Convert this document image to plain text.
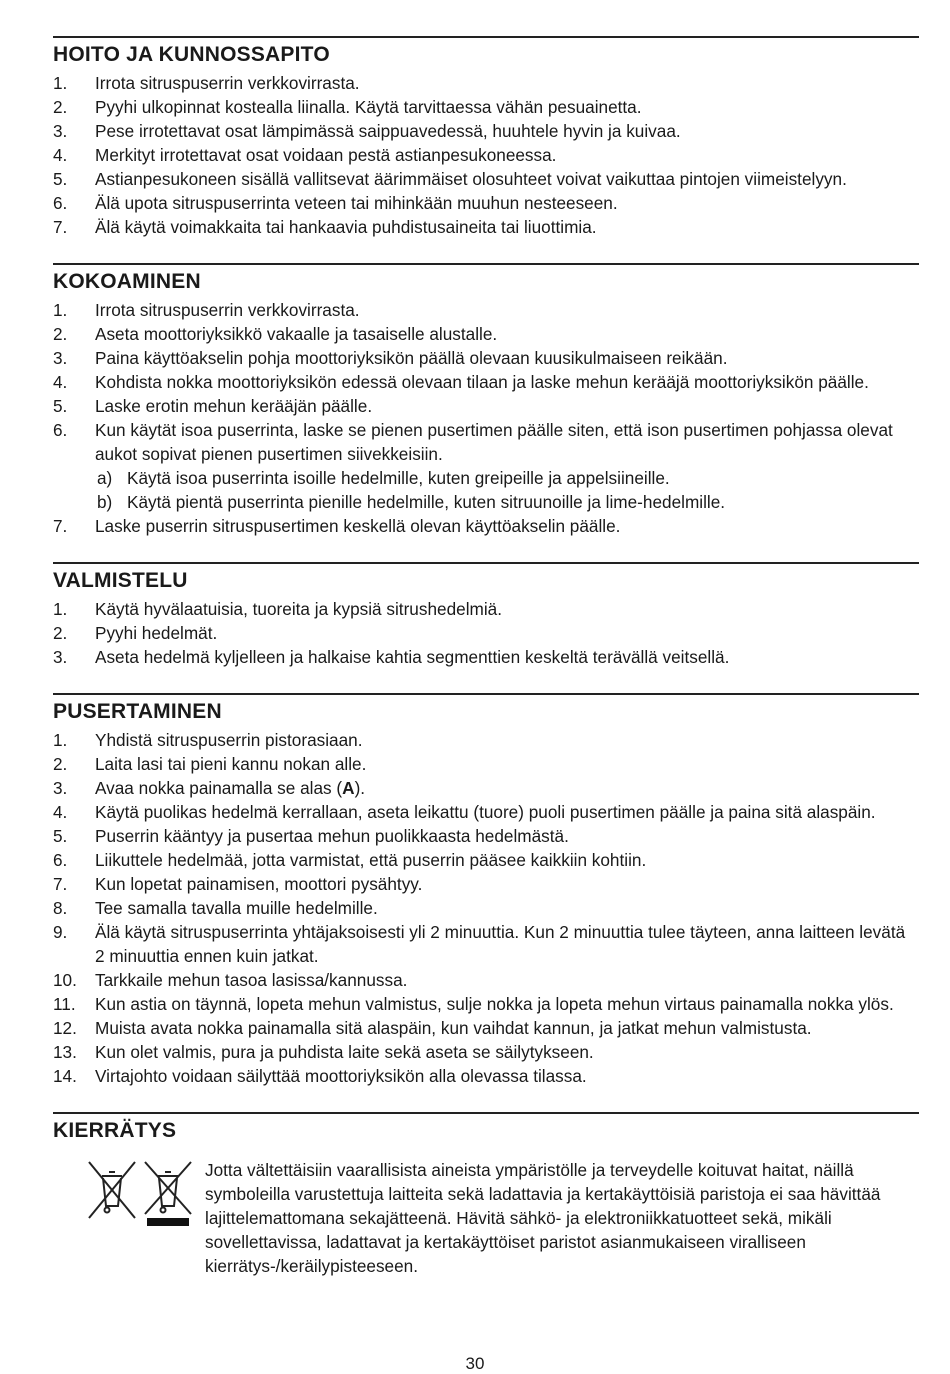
HOITO JA KUNNOSSAPITO
1. Irrota sitruspuserrin verkkovirrasta.
2. Pyyhi ulkopinnat kostealla liinalla. Käytä tarvittaessa vähän pesuainetta.
3. Pese irrotettavat osat lämpimässä saippuavedessä, huuhtele hyvin ja kuivaa.
4. Merkityt irrotettavat osat voidaan pestä astianpesukoneessa.
5. Astianpesukoneen sisällä vallitsevat äärimmäiset olosuhteet voivat vaikuttaa pintojen viimeistelyyn.
6. Älä upota sitruspuserrinta veteen tai mihinkään muuhun nesteeseen.
7. Älä käytä voimakkaita tai hankaavia puhdistusaineita tai liuottimia.
KOKOAMINEN
1. Irrota sitruspuserrin verkkovirrasta.
2. Aseta moottoriyksikkö vakaalle ja tasaiselle alustalle.
3. Paina käyttöakselin pohja moottoriyksikön päällä olevaan kuusikulmaiseen reikään.
4. Kohdista nokka moottoriyksikön edessä olevaan tilaan ja laske mehun kerääjä moottoriyksikön päälle.
5. Laske erotin mehun kerääjän päälle.
6. Kun käytät isoa puserrinta, laske se pienen pusertimen päälle siten, että ison pusertimen pohjassa olevat aukot sopivat pienen pusertimen siivekkeisiin.
a) Käytä isoa puserrinta isoille hedelmille, kuten greipeille ja appelsiineille.
b) Käytä pientä puserrinta pienille hedelmille, kuten sitruunoille ja lime-hedelmille.
7. Laske puserrin sitruspusertimen keskellä olevan käyttöakselin päälle.
VALMISTELU
1. Käytä hyvälaatuisia, tuoreita ja kypsiä sitrushedelmiä.
2. Pyyhi hedelmät.
3. Aseta hedelmä kyljelleen ja halkaise kahtia segmenttien keskeltä terävällä veitsellä.
PUSERTAMINEN
1. Yhdistä sitruspuserrin pistorasiaan.
2. Laita lasi tai pieni kannu nokan alle.
3. Avaa nokka painamalla se alas (A).
4. Käytä puolikas hedelmä kerrallaan, aseta leikattu (tuore) puoli pusertimen päälle ja paina sitä alaspäin.
5. Puserrin kääntyy ja pusertaa mehun puolikkaasta hedelmästä.
6. Liikuttele hedelmää, jotta varmistat, että puserrin pääsee kaikkiin kohtiin.
7. Kun lopetat painamisen, moottori pysähtyy.
8. Tee samalla tavalla muille hedelmille.
9. Älä käytä sitruspuserrinta yhtäjaksoisesti yli 2 minuuttia. Kun 2 minuuttia tulee täyteen, anna laitteen levätä 2 minuuttia ennen kuin jatkat.
10. Tarkkaile mehun tasoa lasissa/kannussa.
11. Kun astia on täynnä, lopeta mehun valmistus, sulje nokka ja lopeta mehun virtaus painamalla nokka ylös.
12. Muista avata nokka painamalla sitä alaspäin, kun vaihdat kannun, ja jatkat mehun valmistusta.
13. Kun olet valmis, pura ja puhdista laite sekä aseta se säilytykseen.
14. Virtajohto voidaan säilyttää moottoriyksikön alla olevassa tilassa.
KIERRÄTYS
Jotta vältettäisiin vaarallisista aineista ympäristölle ja terveydelle koituvat haitat, näillä symboleilla varustettuja laitteita sekä ladattavia ja kertakäyttöisiä paristoja ei saa hävittää lajittelemattomana sekajätteenä. Hävitä sähkö- ja elektroniikkatuotteet sekä, mikäli sovellettavissa, ladattavat ja kertakäyttöiset paristot asianmukaiseen viralliseen kierrätys-/keräilypisteeseen.
30
